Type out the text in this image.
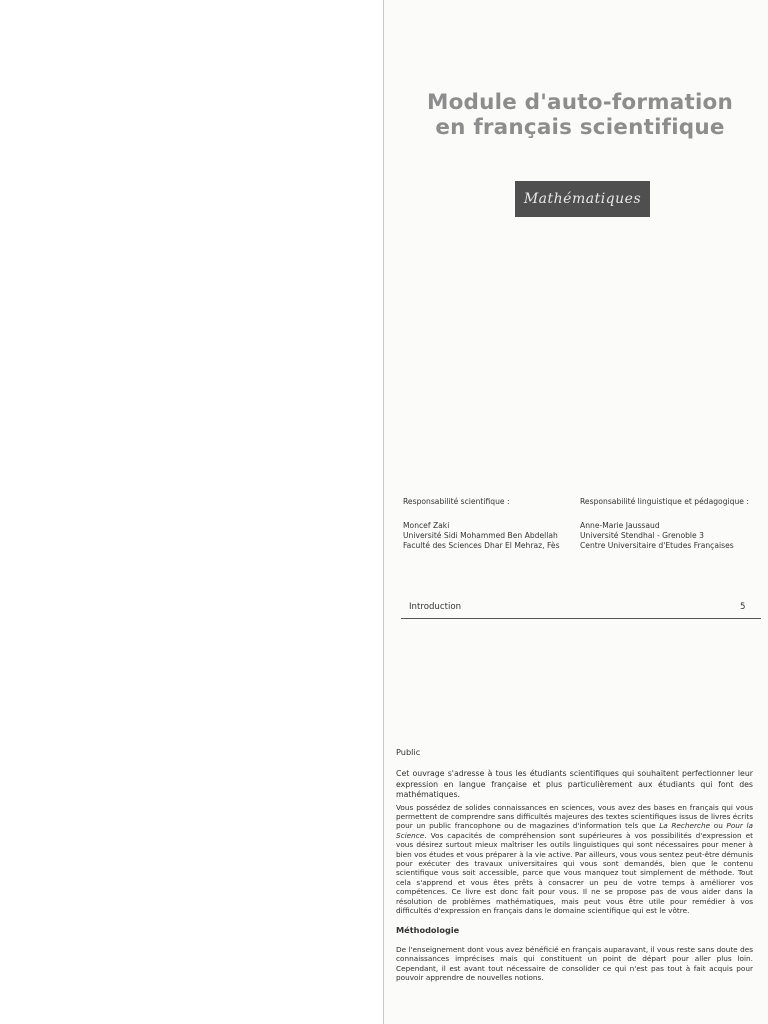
Module d'auto-formation
en français scientifique
Mathématiques

Responsabilité scientifique :

Moncef Zaki

Université Sidi Mohammed Ben Abdellah

Faculté des Sciences Dhar El Mehraz, Fès

Responsabilité linguistique et pédagogique :

Anne-Marie Jaussaud

Université Stendhal - Grenoble 3

Centre Universitaire d'Etudes Françaises

Introduction	5
Public

Cet ouvrage s'adresse à tous les étudiants scientifiques qui souhaitent perfectionner leur expression en langue française et plus particulièrement aux étudiants qui font des mathématiques.

Vous possédez de solides connaissances en sciences, vous avez des bases en français qui vous permettent de comprendre sans difficultés majeures des textes scientifiques issus de livres écrits pour un public francophone ou de magazines d'information tels que La Recherche ou Pour la Science. Vos capacités de compréhension sont supérieures à vos possibilités d'expression et vous désirez surtout mieux maîtriser les outils linguistiques qui sont nécessaires pour mener à bien vos études et vous préparer à la vie active. Par ailleurs, vous vous sentez peut-être démunis pour exécuter des travaux universitaires qui vous sont demandés, bien que le contenu scientifique vous soit accessible, parce que vous manquez tout simplement de méthode. Tout cela s'apprend et vous êtes prêts à consacrer un peu de votre temps à améliorer vos compétences. Ce livre est donc fait pour vous. Il ne se propose pas de vous aider dans la résolution de problèmes mathématiques, mais peut vous être utile pour remédier à vos difficultés d'expression en français dans le domaine scientifique qui est le vôtre.

Méthodologie

De l'enseignement dont vous avez bénéficié en français auparavant, il vous reste sans doute des connaissances imprécises mais qui constituent un point de départ pour aller plus loin. Cependant, il est avant tout nécessaire de consolider ce qui n'est pas tout à fait acquis pour pouvoir apprendre de nouvelles notions.
